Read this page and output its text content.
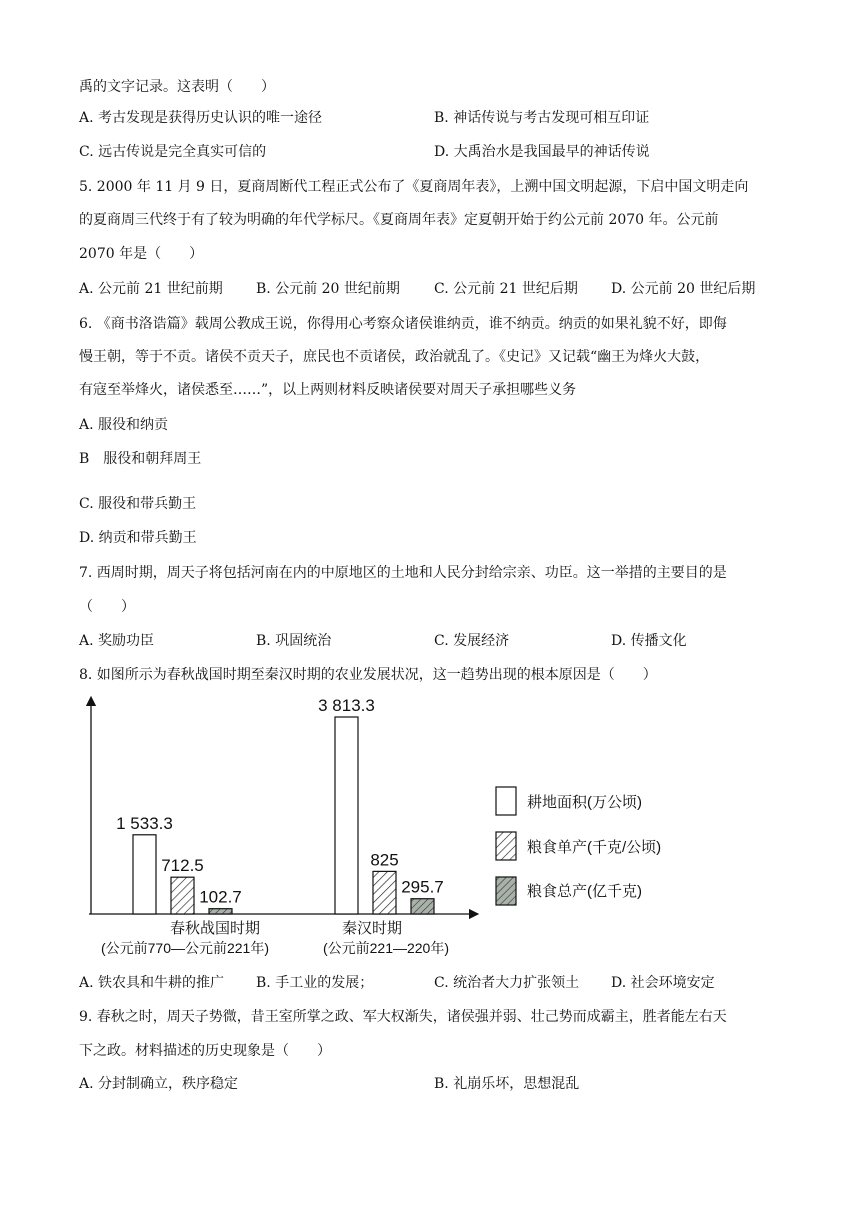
禹的文字记录。这表明（　　）
A. 考古发现是获得历史认识的唯一途径	B. 神话传说与考古发现可相互印证
C. 远古传说是完全真实可信的	D. 大禹治水是我国最早的神话传说
5. 2000 年 11 月 9 日，夏商周断代工程正式公布了《夏商周年表》，上溯中国文明起源，下启中国文明走向
的夏商周三代终于有了较为明确的年代学标尺。《夏商周年表》定夏朝开始于约公元前 2070 年。公元前
2070 年是（　　）
A. 公元前 21 世纪前期 B. 公元前 20 世纪前期 C. 公元前 21 世纪后期 D. 公元前 20 世纪后期
6. 《商书洛诰篇》载周公教成王说，你得用心考察众诸侯谁纳贡，谁不纳贡。纳贡的如果礼貌不好，即侮
慢王朝，等于不贡。诸侯不贡天子，庶民也不贡诸侯，政治就乱了。《史记》又记载“幽王为烽火大鼓，
有寇至举烽火，诸侯悉至……”，以上两则材料反映诸侯要对周天子承担哪些义务
A. 服役和纳贡
B　服役和朝拜周王
C. 服役和带兵勤王
D. 纳贡和带兵勤王
7. 西周时期，周天子将包括河南在内的中原地区的土地和人民分封给宗亲、功臣。这一举措的主要目的是
（　　）
A. 奖励功臣	B. 巩固统治	C. 发展经济	D. 传播文化
8. 如图所示为春秋战国时期至秦汉时期的农业发展状况，这一趋势出现的根本原因是（　　）
1 533.3
712.5
102.7
3 813.3
825
295.7
春秋战国时期
(公元前770—公元前221年)
秦汉时期
(公元前221—220年)
耕地面积(万公顷)
粮食单产(千克/公顷)
粮食总产(亿千克)
A. 铁农具和牛耕的推广 B. 手工业的发展；	C. 统治者大力扩张领土 D. 社会环境安定
9. 春秋之时，周天子势微，昔王室所掌之政、军大权渐失，诸侯强并弱、壮己势而成霸主，胜者能左右天
下之政。材料描述的历史现象是（　　）
A. 分封制确立，秩序稳定	B. 礼崩乐坏，思想混乱
